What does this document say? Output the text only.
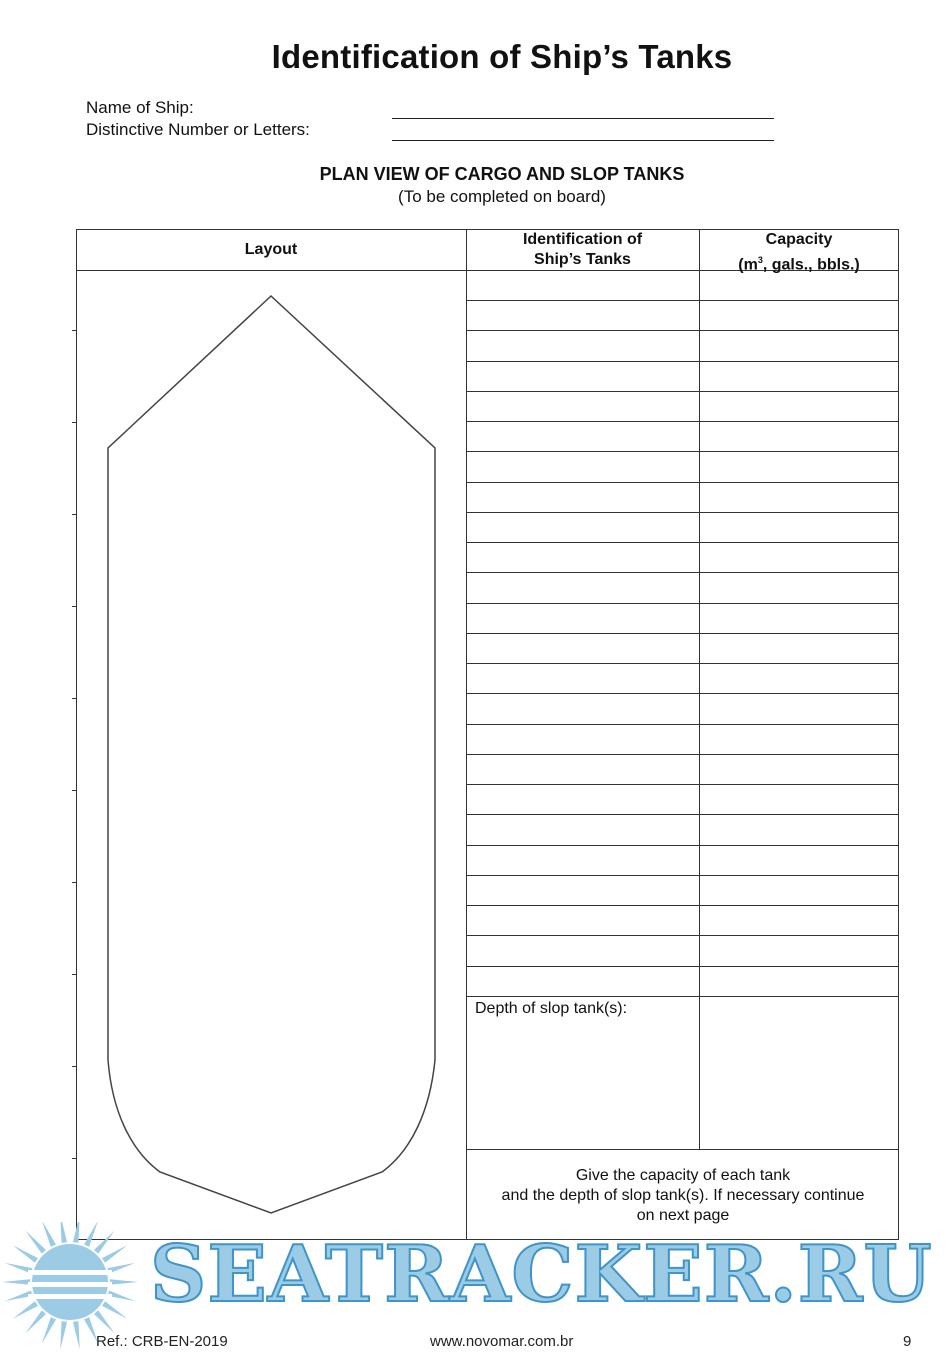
Identification of Ship’s Tanks
Name of Ship:
Distinctive Number or Letters:
PLAN VIEW OF CARGO AND SLOP TANKS
(To be completed on board)
Layout
Identification of
Ship’s Tanks
Capacity
($m^3$, gals., bbls.)
Depth of slop tank(s):
Give the capacity of each tank
and the depth of slop tank(s). If necessary continue
on next page
SEATRACKER.RU
Ref.: CRB-EN-2019	www.novomar.com.br	9
